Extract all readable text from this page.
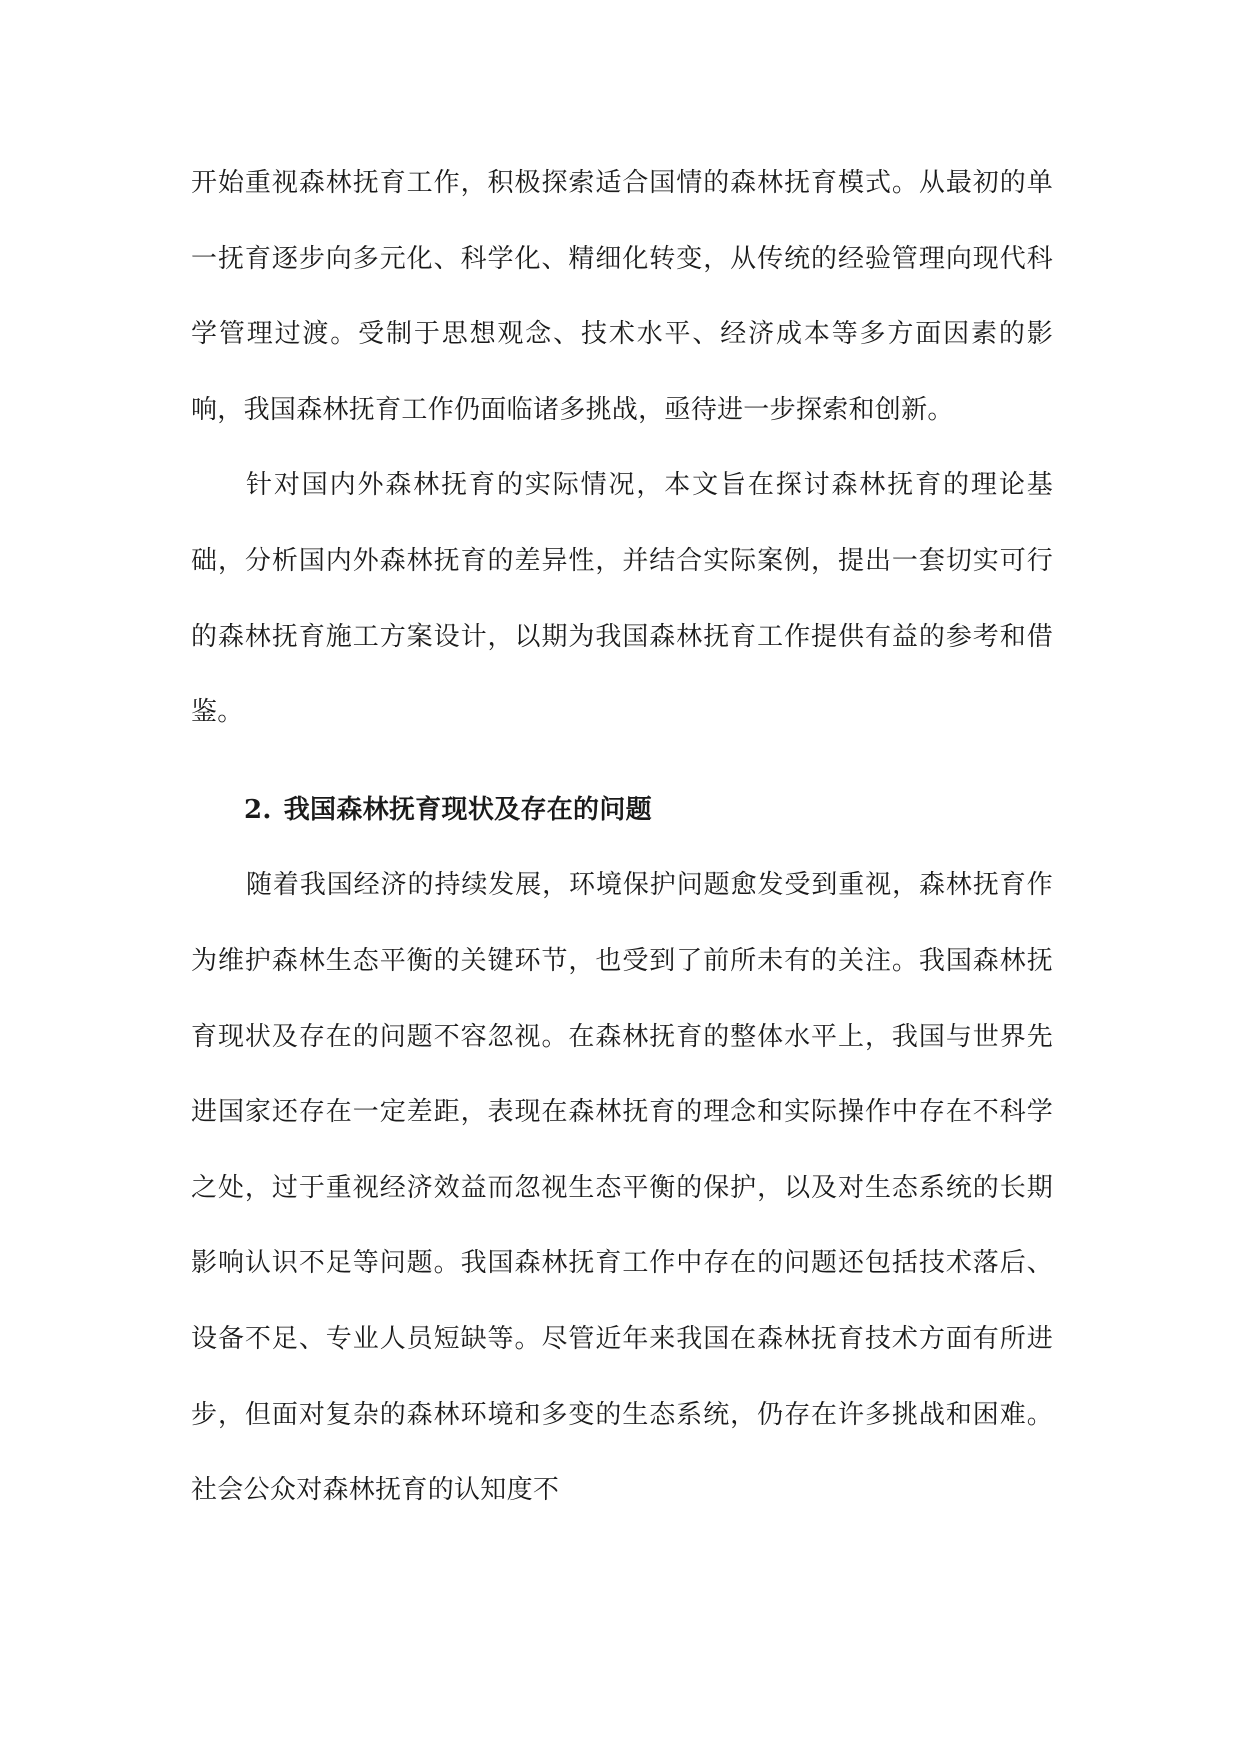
开始重视森林抚育工作，积极探索适合国情的森林抚育模式。从最初的单一抚育逐步向多元化、科学化、精细化转变，从传统的经验管理向现代科学管理过渡。受制于思想观念、技术水平、经济成本等多方面因素的影响，我国森林抚育工作仍面临诸多挑战，亟待进一步探索和创新。

针对国内外森林抚育的实际情况，本文旨在探讨森林抚育的理论基础，分析国内外森林抚育的差异性，并结合实际案例，提出一套切实可行的森林抚育施工方案设计，以期为我国森林抚育工作提供有益的参考和借鉴。

2. 我国森林抚育现状及存在的问题

随着我国经济的持续发展，环境保护问题愈发受到重视，森林抚育作为维护森林生态平衡的关键环节，也受到了前所未有的关注。我国森林抚育现状及存在的问题不容忽视。在森林抚育的整体水平上，我国与世界先进国家还存在一定差距，表现在森林抚育的理念和实际操作中存在不科学之处，过于重视经济效益而忽视生态平衡的保护，以及对生态系统的长期影响认识不足等问题。我国森林抚育工作中存在的问题还包括技术落后、设备不足、专业人员短缺等。尽管近年来我国在森林抚育技术方面有所进步，但面对复杂的森林环境和多变的生态系统，仍存在许多挑战和困难。社会公众对森林抚育的认知度不
